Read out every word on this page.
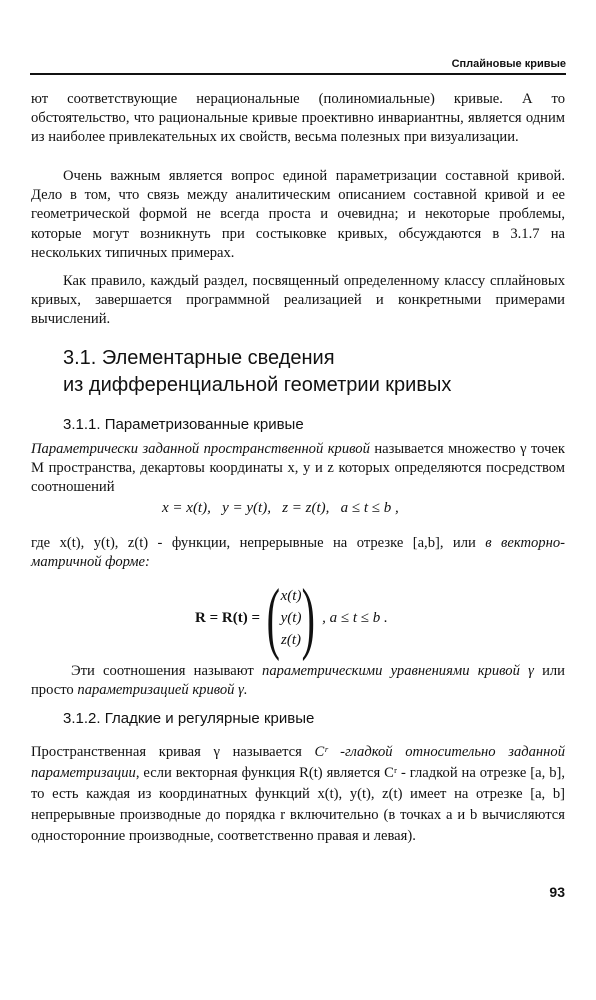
Сплайновые кривые

ют соответствующие нерациональные (полиномиальные) кривые. А то обстоятельство, что рациональные кривые проективно инвариантны, является одним из наиболее привлекательных их свойств, весьма полезных при визуализации.

Очень важным является вопрос единой параметризации составной кривой. Дело в том, что связь между аналитическим описанием составной кривой и ее геометрической формой не всегда проста и очевидна; и некоторые проблемы, которые могут возникнуть при состыковке кривых, обсуждаются в 3.1.7 на нескольких типичных примерах.

Как правило, каждый раздел, посвященный определенному классу сплайновых кривых, завершается программной реализацией и конкретными примерами вычислений.

3.1. Элементарные сведения
из дифференциальной геометрии кривых
3.1.1. Параметризованные кривые

Параметрически заданной пространственной кривой называется множество γ точек M пространства, декартовы координаты x, y и z которых определяются посредством соотношений

x = x(t),   y = y(t),   z = z(t),   a ≤ t ≤ b ,

где x(t), y(t), z(t) - функции, непрерывные на отрезке [a,b], или в векторно-матричной форме:

R = R(t) = ( x(t)
y(t)
z(t) ) , a ≤ t ≤ b .

Эти соотношения называют параметрическими уравнениями кривой γ или просто параметризацией кривой γ.

3.1.2. Гладкие и регулярные кривые

Пространственная кривая γ называется Cʳ -гладкой относительно заданной параметризации, если векторная функция R(t) является Cʳ - гладкой на отрезке [a, b], то есть каждая из координатных функций x(t), y(t), z(t) имеет на отрезке [a, b] непрерывные производные до порядка r включительно (в точках a и b вычисляются односторонние производные, соответственно правая и левая).

93
